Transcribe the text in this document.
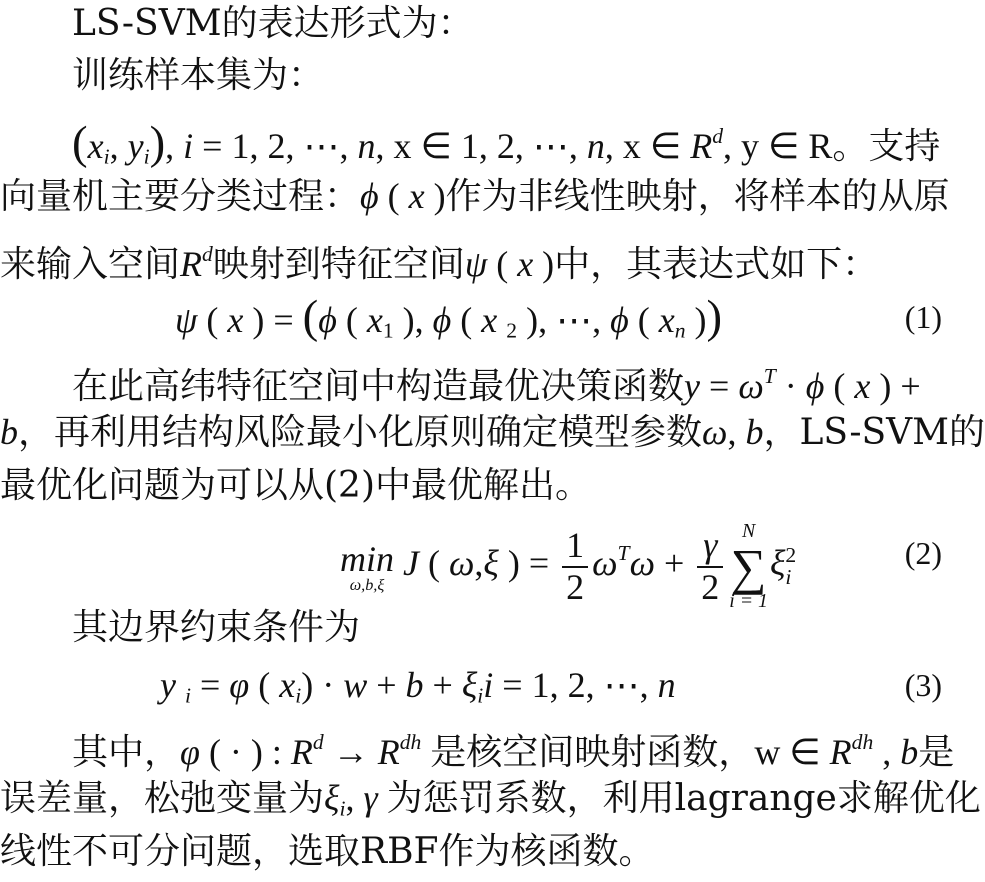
LS-SVM的表达形式为：
训练样本集为：
($x_i$, $y_i$), i = 1, 2, ⋯, n, x ∈ 1, 2, ⋯, n, x ∈ $R^d$, y ∈ R。支持
向量机主要分类过程：ϕ ( x )作为非线性映射，将样本的从原
来输入空间$R^d$映射到特征空间ψ ( x )中，其表达式如下：
ψ ( x ) = (ϕ ( $x_1$ ), ϕ ( x $_2$ ), ⋯, ϕ ( $x_n$ ))	(1)
在此高纬特征空间中构造最优决策函数$y = \omega^T \cdot \phi$ ( x ) +
b，再利用结构风险最小化原则确定模型参数ω, b，LS-SVM的
最优化问题为可以从(2)中最优解出。
min
ω,b,ξ
J ( ω,ξ ) = $\frac{1}{2} \omega^T\omega + \frac{\gamma}{2}$ N
∑
i = 1
ξ 2
i
(2)
其边界约束条件为
y $_i$ = φ ( $x_i) \cdot w + b + \xi_ii = 1$, 2, ⋯, n	(3)
其中，φ ( · ) : $R^d \to R^{dh}$ 是核空间映射函数，w ∈ $R^{dh}$ , b是
误差量，松弛变量为$\xi_i$, γ 为惩罚系数，利用lagrange求解优化
线性不可分问题，选取RBF作为核函数。
